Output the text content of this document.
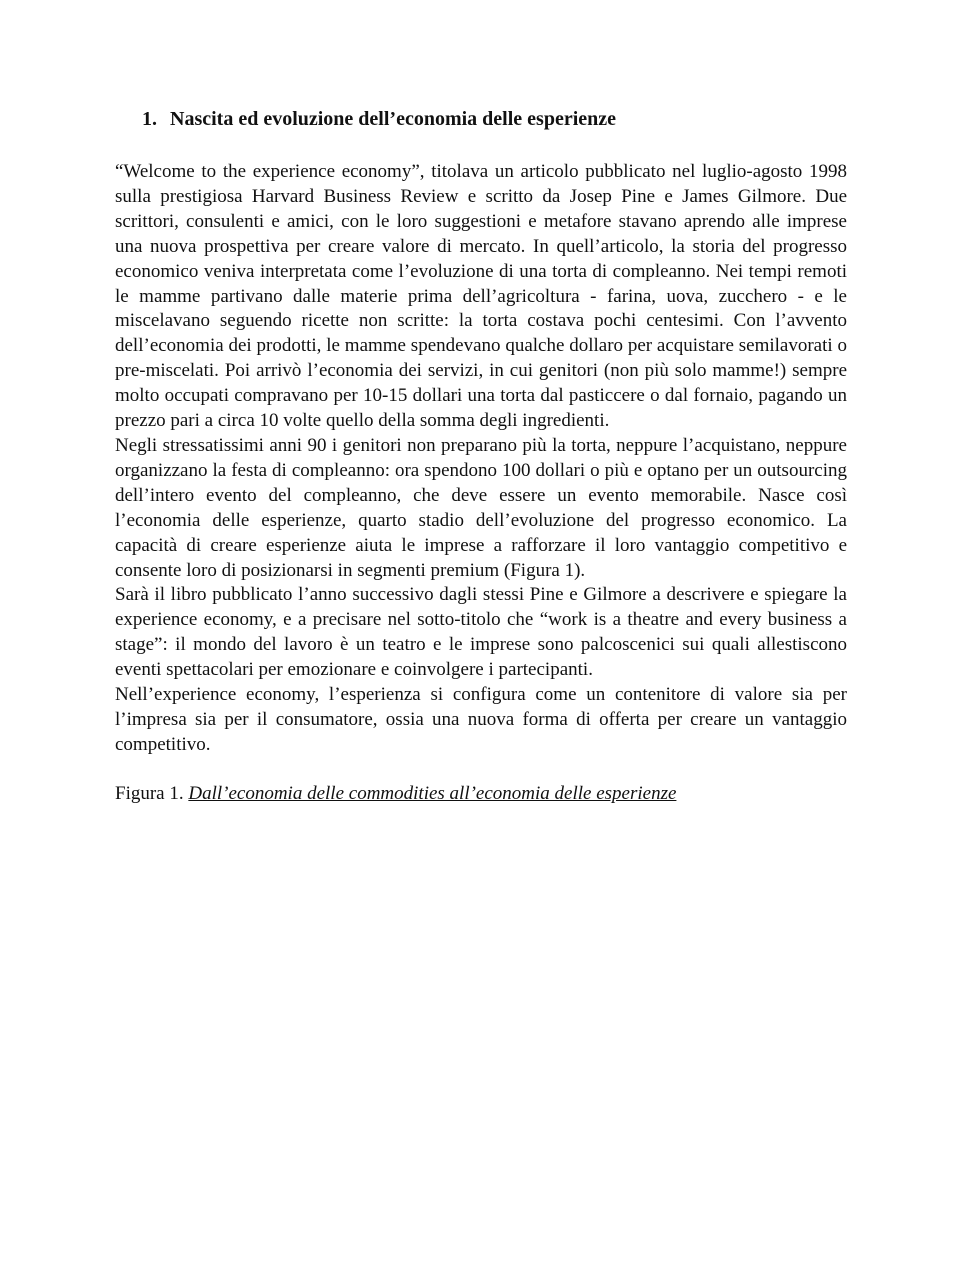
1. Nascita ed evoluzione dell’economia delle esperienze

“Welcome to the experience economy”, titolava un articolo pubblicato nel luglio-agosto 1998 sulla prestigiosa Harvard Business Review e scritto da Josep Pine e James Gilmore. Due scrittori, consulenti e amici, con le loro suggestioni e metafore stavano aprendo alle imprese una nuova prospettiva per creare valore di mercato. In quell’articolo, la storia del progresso economico veniva interpretata come l’evoluzione di una torta di compleanno. Nei tempi remoti le mamme partivano dalle materie prima dell’agricoltura - farina, uova, zucchero - e le miscelavano seguendo ricette non scritte: la torta costava pochi centesimi. Con l’avvento dell’economia dei prodotti, le mamme spendevano qualche dollaro per acquistare semilavorati o pre-miscelati. Poi arrivò l’economia dei servizi, in cui genitori (non più solo mamme!) sempre molto occupati compravano per 10-15 dollari una torta dal pasticcere o dal fornaio, pagando un prezzo pari a circa 10 volte quello della somma degli ingredienti.

Negli stressatissimi anni 90 i genitori non preparano più la torta, neppure l’acquistano, neppure organizzano la festa di compleanno: ora spendono 100 dollari o più e optano per un outsourcing dell’intero evento del compleanno, che deve essere un evento memorabile. Nasce così l’economia delle esperienze, quarto stadio dell’evoluzione del progresso economico. La capacità di creare esperienze aiuta le imprese a rafforzare il loro vantaggio competitivo e consente loro di posizionarsi in segmenti premium (Figura 1).

Sarà il libro pubblicato l’anno successivo dagli stessi Pine e Gilmore a descrivere e spiegare la experience economy, e a precisare nel sotto-titolo che “work is a theatre and every business a stage”: il mondo del lavoro è un teatro e le imprese sono palcoscenici sui quali allestiscono eventi spettacolari per emozionare e coinvolgere i partecipanti.

Nell’experience economy, l’esperienza si configura come un contenitore di valore sia per l’impresa sia per il consumatore, ossia una nuova forma di offerta per creare un vantaggio competitivo.

Figura 1. Dall’economia delle commodities all’economia delle esperienze
